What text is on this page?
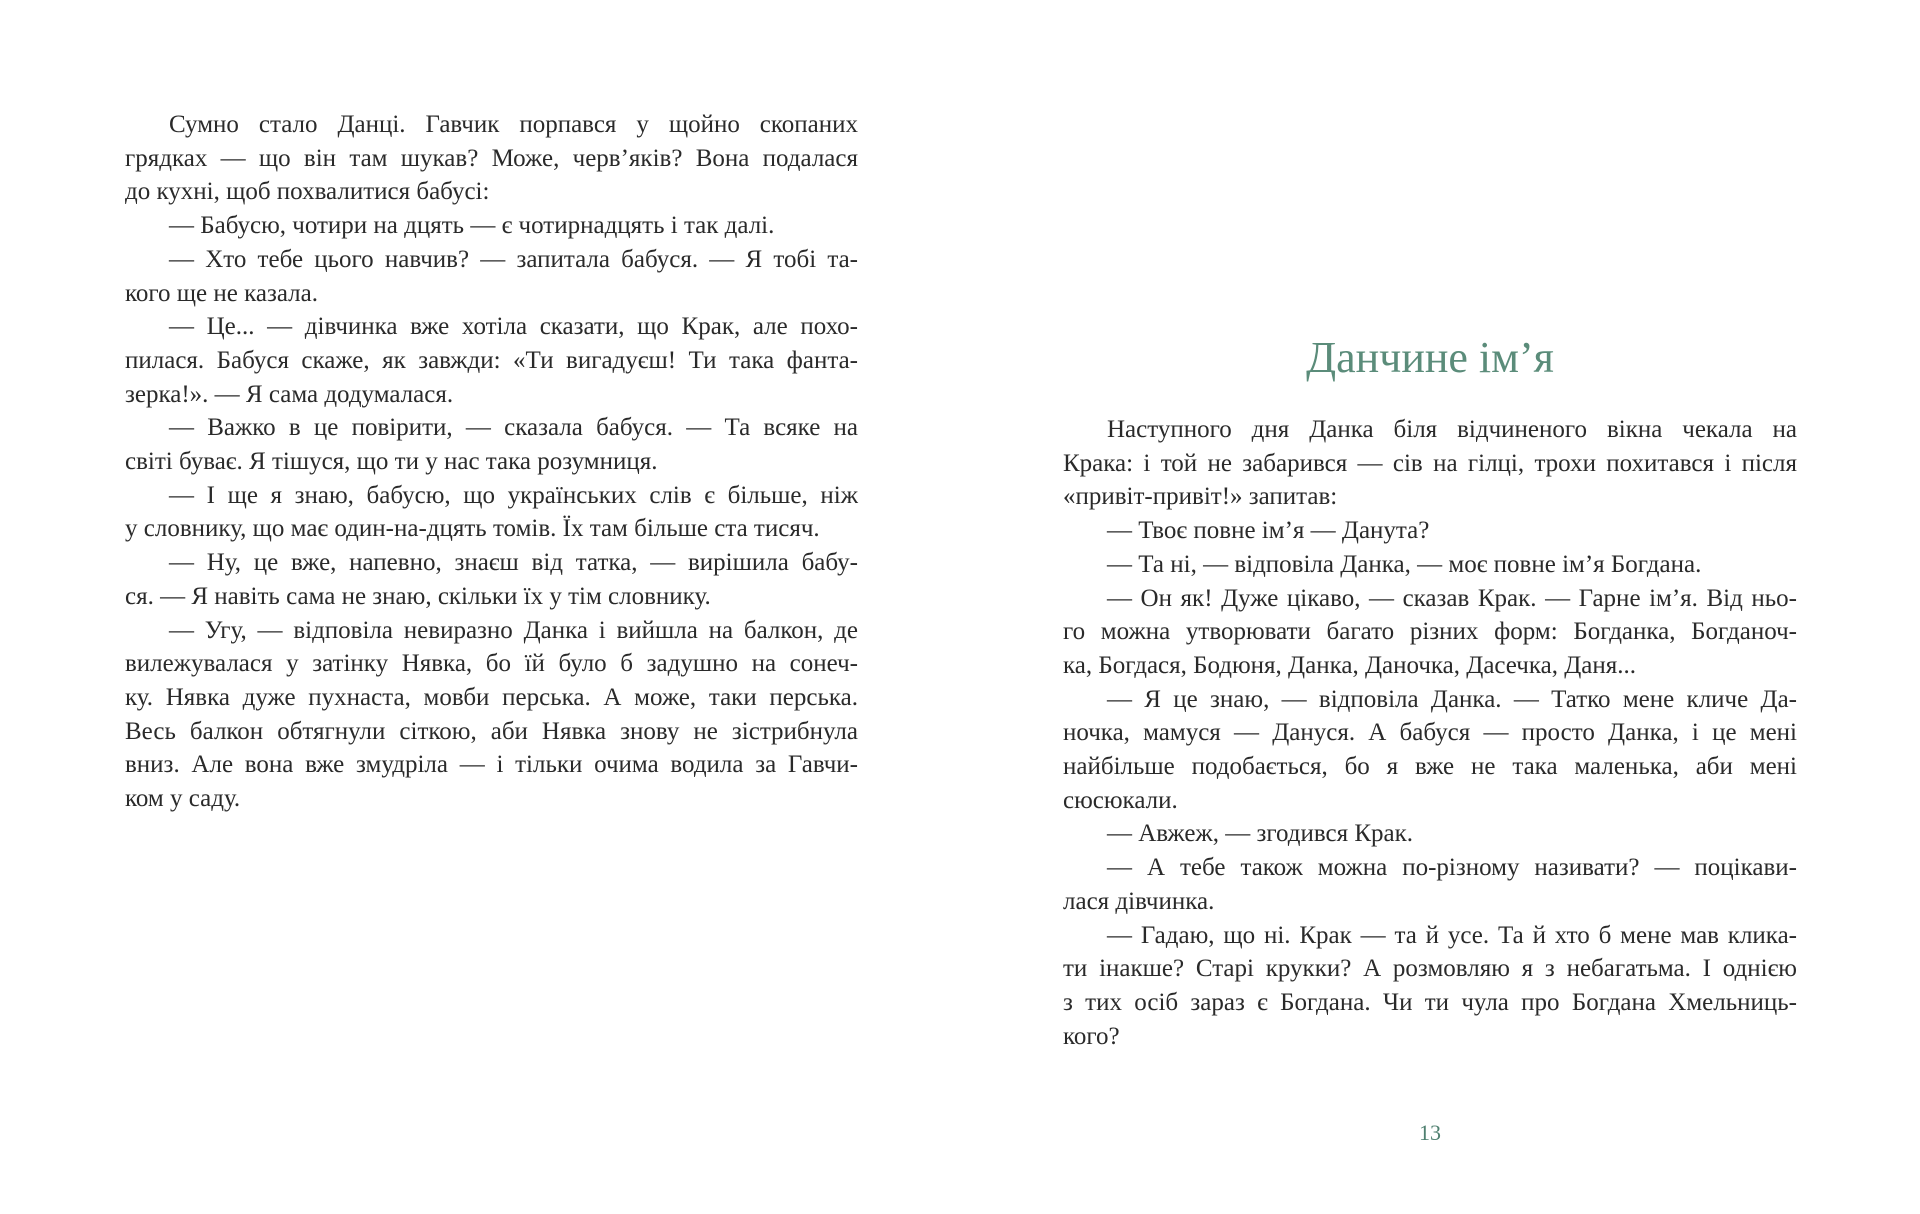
Сумно стало Данці. Гавчик порпався у щойно скопаних
грядках — що він там шукав? Може, черв’яків? Вона подалася
до кухні, щоб похвалитися бабусі:
— Бабусю, чотири на дцять — є чотирнадцять і так далі.
— Хто тебе цього навчив? — запитала бабуся. — Я тобі та-
кого ще не казала.
— Це... — дівчинка вже хотіла сказати, що Крак, але похо-
пилася. Бабуся скаже, як завжди: «Ти вигадуєш! Ти така фанта-
зерка!». — Я сама додумалася.
— Важко в це повірити, — сказала бабуся. — Та всяке на
світі буває. Я тішуся, що ти у нас така розумниця.
— І ще я знаю, бабусю, що українських слів є більше, ніж
у словнику, що має один-на-дцять томів. Їх там більше ста тисяч.
— Ну, це вже, напевно, знаєш від татка, — вирішила бабу-
ся. — Я навіть сама не знаю, скільки їх у тім словнику.
— Угу, — відповіла невиразно Данка і вийшла на балкон, де
вилежувалася у затінку Нявка, бо їй було б задушно на сонеч-
ку. Нявка дуже пухнаста, мовби перська. А може, таки перська.
Весь балкон обтягнули сіткою, аби Нявка знову не зістрибнула
вниз. Але вона вже змудріла — і тільки очима водила за Гавчи-
ком у саду.
Данчине ім’я
Наступного дня Данка біля відчиненого вікна чекала на
Крака: і той не забарився — сів на гілці, трохи похитався і після
«привіт-привіт!» запитав:
— Твоє повне ім’я — Данута?
— Та ні, — відповіла Данка, — моє повне ім’я Богдана.
— Он як! Дуже цікаво, — сказав Крак. — Гарне ім’я. Від ньо-
го можна утворювати багато різних форм: Богданка, Богданоч-
ка, Богдася, Бодюня, Данка, Даночка, Дасечка, Даня...
— Я це знаю, — відповіла Данка. — Татко мене кличе Да-
ночка, мамуся — Дануся. А бабуся — просто Данка, і це мені
найбільше подобається, бо я вже не така маленька, аби мені
сюсюкали.
— Авжеж, — згодився Крак.
— А тебе також можна по-різному називати? — поцікави-
лася дівчинка.
— Гадаю, що ні. Крак — та й усе. Та й хто б мене мав клика-
ти інакше? Старі крукки? А розмовляю я з небагатьма. І однією
з тих осіб зараз є Богдана. Чи ти чула про Богдана Хмельниць-
кого?
13
